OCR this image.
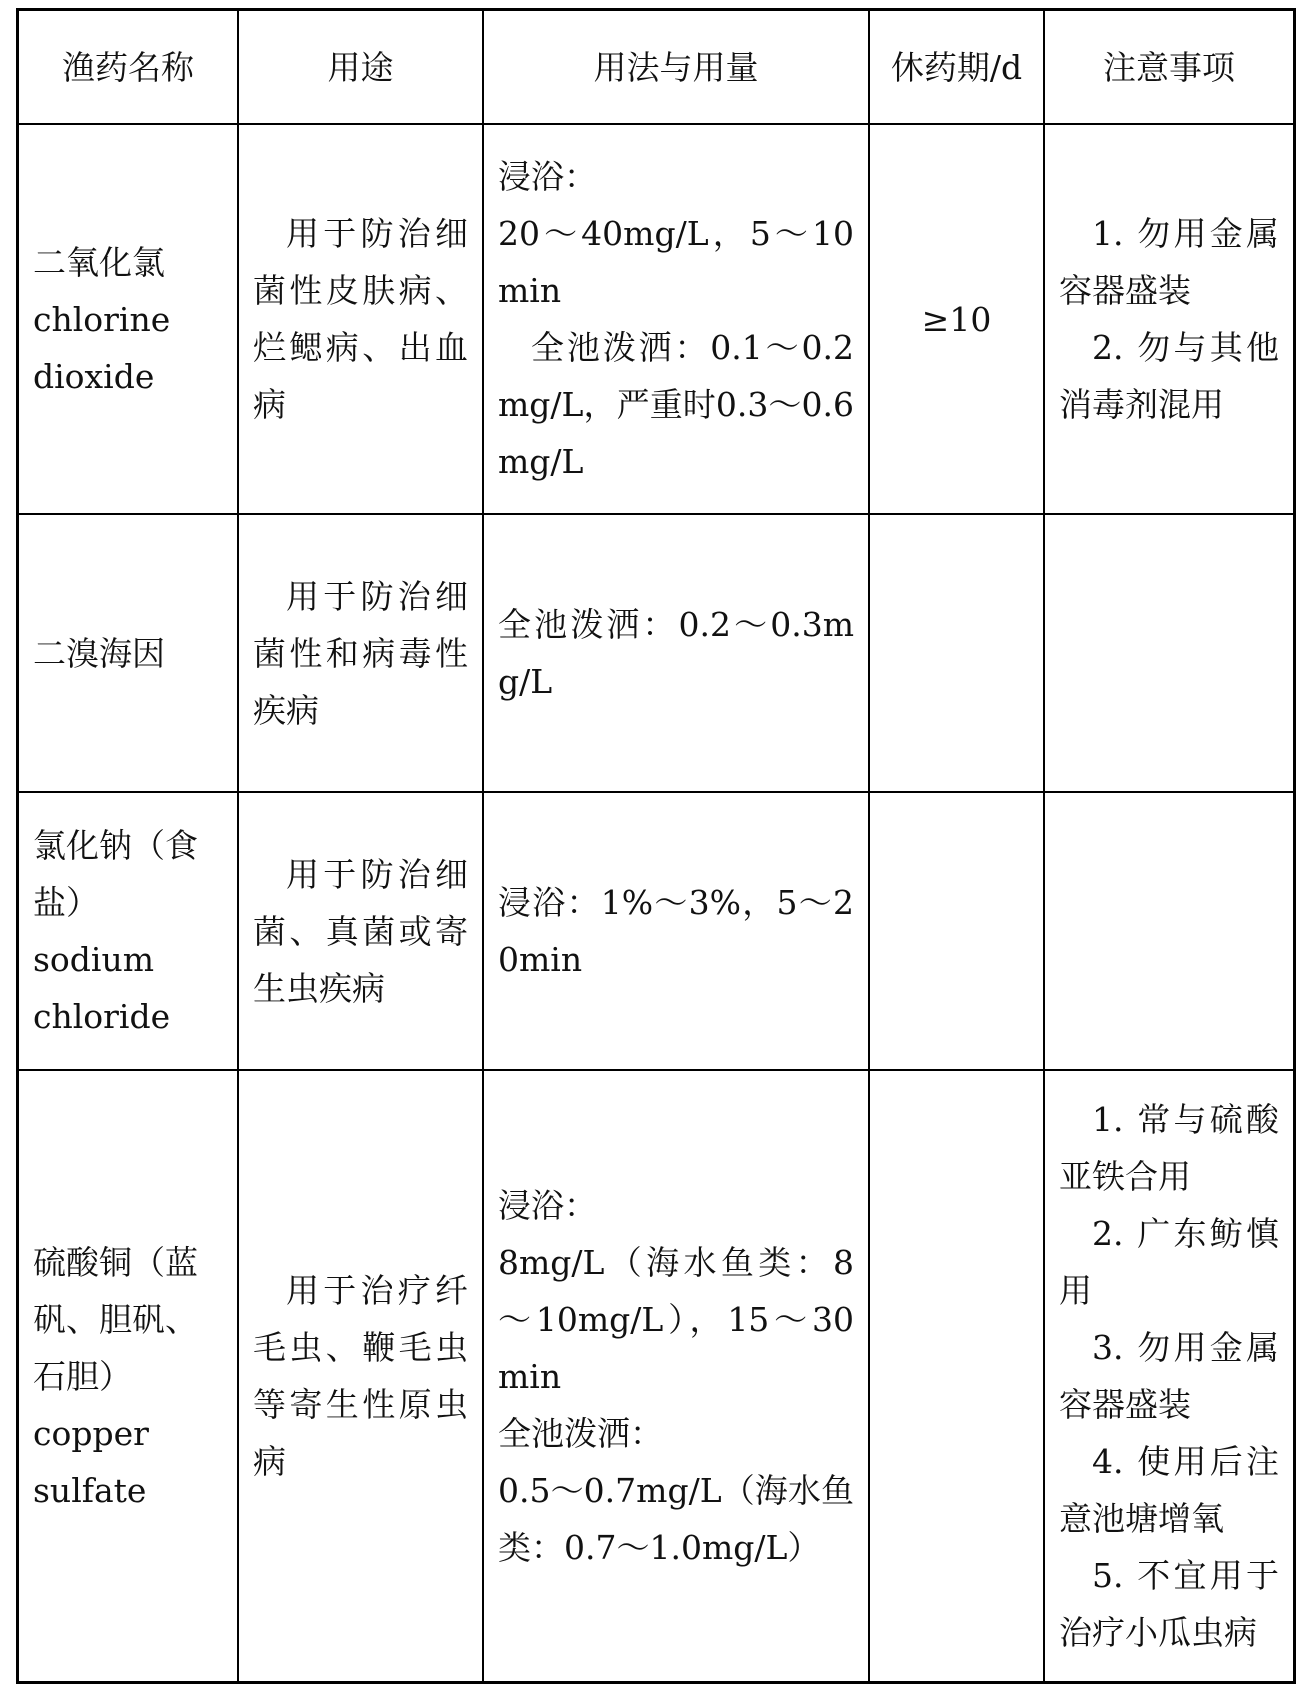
渔药名称	用途	用法与用量	休药期/d	注意事项

二氧化氯
chlorine
dioxide	用于防治细菌性皮肤病、烂鳃病、出血病	浸浴：
20～40mg/L，5～10min
全池泼洒：0.1～0.2mg/L，严重时0.3～0.6mg/L	≥10	1. 勿用金属容器盛装
2. 勿与其他消毒剂混用

二溴海因	用于防治细菌性和病毒性疾病	全池泼洒：0.2～0.3mg/L		

氯化钠（食盐）
sodium
chloride	用于防治细菌、真菌或寄生虫疾病	浸浴：1%～3%，5～20min		

硫酸铜（蓝矾、胆矾、石胆）
copper
sulfate	用于治疗纤毛虫、鞭毛虫等寄生性原虫病	浸浴：
8mg/L（海水鱼类：8～10mg/L），15～30min
全池泼洒：
0.5～0.7mg/L（海水鱼类：0.7～1.0mg/L）		1. 常与硫酸亚铁合用
2. 广东鲂慎用
3. 勿用金属容器盛装
4. 使用后注意池塘增氧
5. 不宜用于治疗小瓜虫病
